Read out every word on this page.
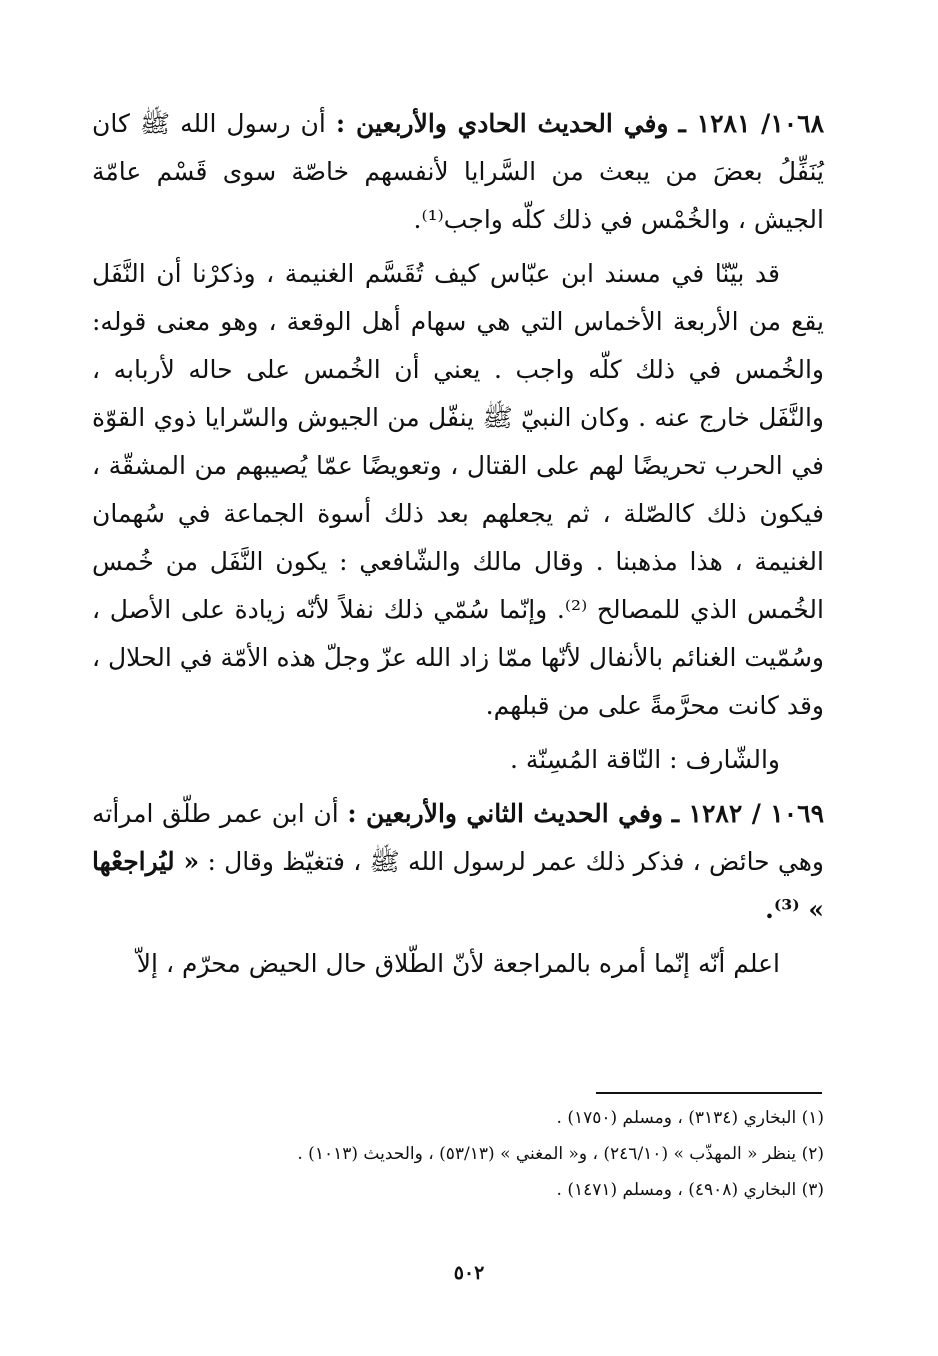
١٠٦٨/ ١٢٨١ ـ وفي الحديث الحادي والأربعين : أن رسول الله ﷺ كان يُنَفِّلُ بعضَ من يبعث من السَّرايا لأنفسهم خاصّة سوى قَسْم عامّة الجيش ، والخُمْس في ذلك كلّه واجب⁽¹⁾.

قد بيّنّا في مسند ابن عبّاس كيف تُقَسَّم الغنيمة ، وذكرْنا أن النَّفَل يقع من الأربعة الأخماس التي هي سهام أهل الوقعة ، وهو معنى قوله: والخُمس في ذلك كلّه واجب . يعني أن الخُمس على حاله لأربابه ، والنَّفَل خارج عنه . وكان النبيّ ﷺ ينفّل من الجيوش والسّرايا ذوي القوّة في الحرب تحريضًا لهم على القتال ، وتعويضًا عمّا يُصيبهم من المشقّة ، فيكون ذلك كالصّلة ، ثم يجعلهم بعد ذلك أسوة الجماعة في سُهمان الغنيمة ، هذا مذهبنا . وقال مالك والشّافعي : يكون النَّفَل من خُمس الخُمس الذي للمصالح ⁽²⁾. وإنّما سُمّي ذلك نفلاً لأنّه زيادة على الأصل ، وسُمّيت الغنائم بالأنفال لأنّها ممّا زاد الله عزّ وجلّ هذه الأمّة في الحلال ، وقد كانت محرَّمةً على من قبلهم.

والشّارف : النّاقة المُسِنّة .

١٠٦٩ / ١٢٨٢ ـ وفي الحديث الثاني والأربعين : أن ابن عمر طلّق امرأته وهي حائض ، فذكر ذلك عمر لرسول الله ﷺ ، فتغيّظ وقال : « ليُراجعْها » ⁽³⁾.

اعلم أنّه إنّما أمره بالمراجعة لأنّ الطّلاق حال الحيض محرّم ، إلاّ

(١) البخاري (٣١٣٤) ، ومسلم (١٧٥٠) .

(٢) ينظر « المهذّب » (٢٤٦/١٠) ، و« المغني » (٥٣/١٣) ، والحديث (١٠١٣) .

(٣) البخاري (٤٩٠٨) ، ومسلم (١٤٧١) .

٥٠٢
